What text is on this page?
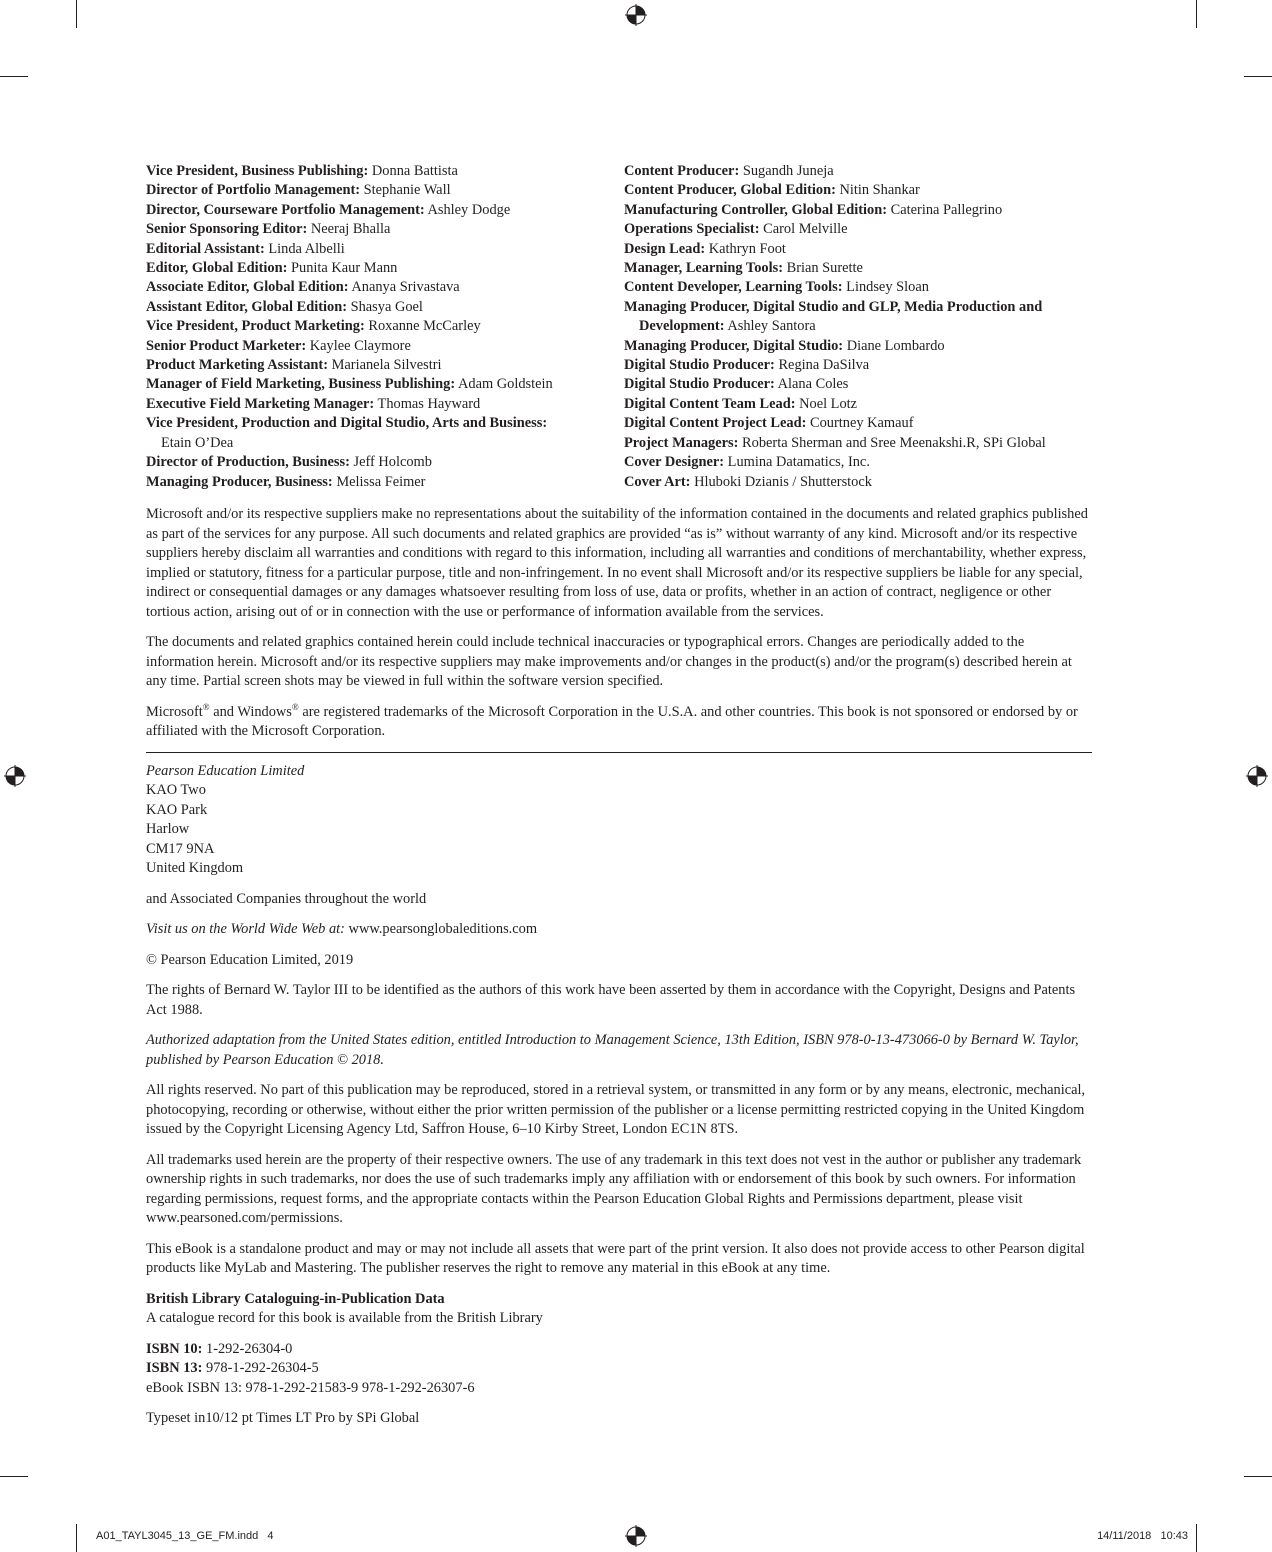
Vice President, Business Publishing: Donna Battista

Director of Portfolio Management: Stephanie Wall

Director, Courseware Portfolio Management: Ashley Dodge

Senior Sponsoring Editor: Neeraj Bhalla

Editorial Assistant: Linda Albelli

Editor, Global Edition: Punita Kaur Mann

Associate Editor, Global Edition: Ananya Srivastava

Assistant Editor, Global Edition: Shasya Goel

Vice President, Product Marketing: Roxanne McCarley

Senior Product Marketer: Kaylee Claymore

Product Marketing Assistant: Marianela Silvestri

Manager of Field Marketing, Business Publishing: Adam Goldstein

Executive Field Marketing Manager: Thomas Hayward

Vice President, Production and Digital Studio, Arts and Business:
Etain O’Dea

Director of Production, Business: Jeff Holcomb

Managing Producer, Business: Melissa Feimer

Content Producer: Sugandh Juneja

Content Producer, Global Edition: Nitin Shankar

Manufacturing Controller, Global Edition: Caterina Pallegrino

Operations Specialist: Carol Melville

Design Lead: Kathryn Foot

Manager, Learning Tools: Brian Surette

Content Developer, Learning Tools: Lindsey Sloan

Managing Producer, Digital Studio and GLP, Media Production and Development: Ashley Santora

Managing Producer, Digital Studio: Diane Lombardo

Digital Studio Producer: Regina DaSilva

Digital Studio Producer: Alana Coles

Digital Content Team Lead: Noel Lotz

Digital Content Project Lead: Courtney Kamauf

Project Managers: Roberta Sherman and Sree Meenakshi.R, SPi Global

Cover Designer: Lumina Datamatics, Inc.

Cover Art: Hluboki Dzianis / Shutterstock

Microsoft and/or its respective suppliers make no representations about the suitability of the information contained in the documents and related graphics published as part of the services for any purpose. All such documents and related graphics are provided “as is” without warranty of any kind. Microsoft and/or its respective suppliers hereby disclaim all warranties and conditions with regard to this information, including all warranties and conditions of merchantability, whether express, implied or statutory, fitness for a particular purpose, title and non-infringement. In no event shall Microsoft and/or its respective suppliers be liable for any special, indirect or consequential damages or any damages whatsoever resulting from loss of use, data or profits, whether in an action of contract, negligence or other tortious action, arising out of or in connection with the use or performance of information available from the services.

The documents and related graphics contained herein could include technical inaccuracies or typographical errors. Changes are periodically added to the information herein. Microsoft and/or its respective suppliers may make improvements and/or changes in the product(s) and/or the program(s) described herein at any time. Partial screen shots may be viewed in full within the software version specified.

Microsoft® and Windows® are registered trademarks of the Microsoft Corporation in the U.S.A. and other countries. This book is not sponsored or endorsed by or affiliated with the Microsoft Corporation.

Pearson Education Limited

KAO Two

KAO Park

Harlow

CM17 9NA

United Kingdom

and Associated Companies throughout the world

Visit us on the World Wide Web at: www.pearsonglobaleditions.com

© Pearson Education Limited, 2019

The rights of Bernard W. Taylor III to be identified as the authors of this work have been asserted by them in accordance with the Copyright, Designs and Patents Act 1988.

Authorized adaptation from the United States edition, entitled Introduction to Management Science, 13th Edition, ISBN 978-0-13-473066-0 by Bernard W. Taylor, published by Pearson Education © 2018.

All rights reserved. No part of this publication may be reproduced, stored in a retrieval system, or transmitted in any form or by any means, electronic, mechanical, photocopying, recording or otherwise, without either the prior written permission of the publisher or a license permitting restricted copying in the United Kingdom issued by the Copyright Licensing Agency Ltd, Saffron House, 6–10 Kirby Street, London EC1N 8TS.

All trademarks used herein are the property of their respective owners. The use of any trademark in this text does not vest in the author or publisher any trademark ownership rights in such trademarks, nor does the use of such trademarks imply any affiliation with or endorsement of this book by such owners. For information regarding permissions, request forms, and the appropriate contacts within the Pearson Education Global Rights and Permissions department, please visit www.pearsoned.com/permissions.

This eBook is a standalone product and may or may not include all assets that were part of the print version. It also does not provide access to other Pearson digital products like MyLab and Mastering. The publisher reserves the right to remove any material in this eBook at any time.

British Library Cataloguing-in-Publication Data

A catalogue record for this book is available from the British Library

ISBN 10: 1-292-26304-0

ISBN 13: 978-1-292-26304-5

eBook ISBN 13: 978-1-292-21583-9 978-1-292-26307-6

Typeset in10/12 pt Times LT Pro by SPi Global

A01_TAYL3045_13_GE_FM.indd   4	14/11/2018   10:43
